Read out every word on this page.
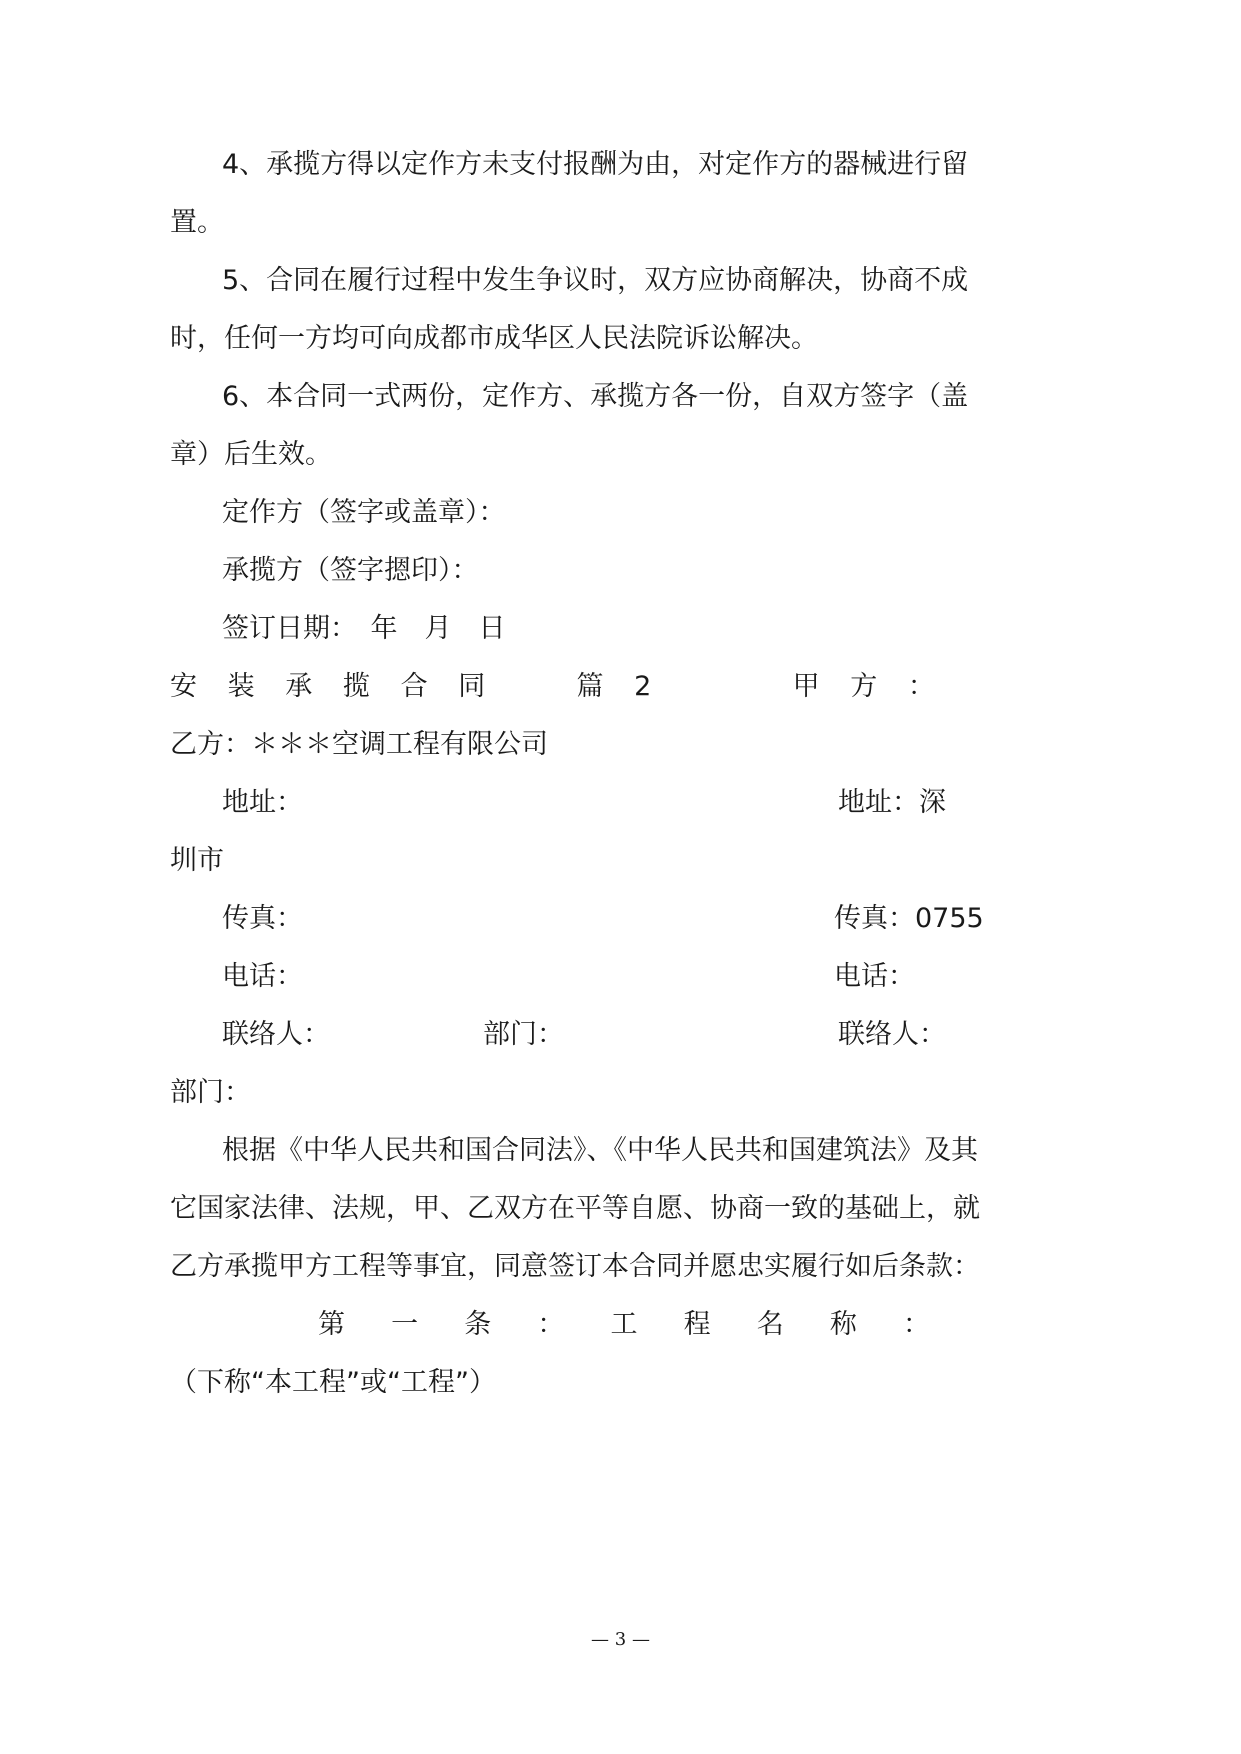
4、承揽方得以定作方未支付报酬为由，对定作方的器械进行留
置。
5、合同在履行过程中发生争议时，双方应协商解决，协商不成
时，任何一方均可向成都市成华区人民法院诉讼解决。
6、本合同一式两份，定作方、承揽方各一份，自双方签字（盖
章）后生效。
定作方（签字或盖章）：
承揽方（签字摁印）：
签订日期：　年　月　日
安 装 承 揽 合 同	篇 2	甲 方 ：
乙方：＊＊＊空调工程有限公司
地址：	地址：深
圳市
传真：	传真：0755
电话：	电话：
联络人：	部门：	联络人：
部门：
根据《中华人民共和国合同法》、《中华人民共和国建筑法》及其
它国家法律、法规，甲、乙双方在平等自愿、协商一致的基础上，就
乙方承揽甲方工程等事宜，同意签订本合同并愿忠实履行如后条款：
第 一 条 ： 工 程 名 称 ：
（下称“本工程”或“工程”）
— 3 —
